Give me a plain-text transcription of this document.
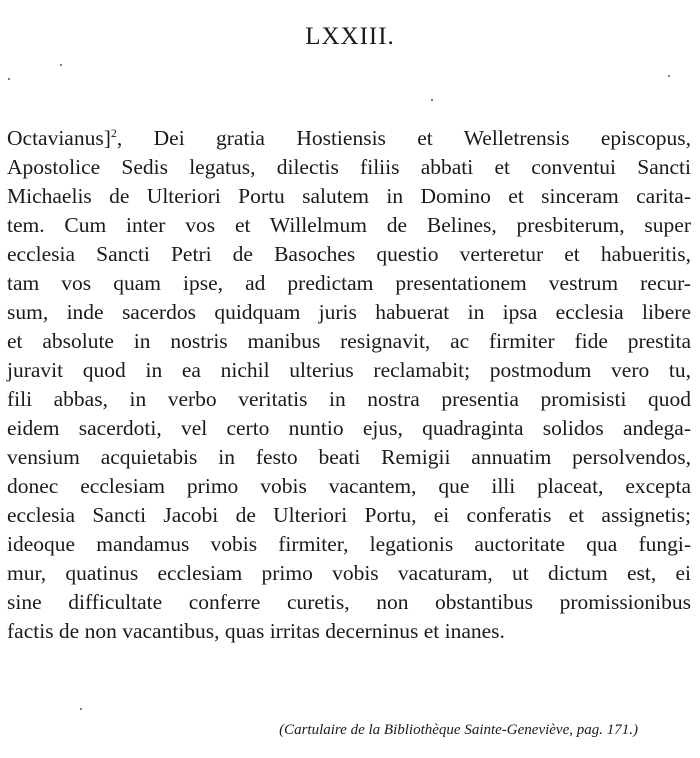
LXXIII.
Octavianus]$^2$, Dei gratia Hostiensis et Welletrensis episcopus,
Apostolice Sedis legatus, dilectis filiis abbati et conventui Sancti
Michaelis de Ulteriori Portu salutem in Domino et sinceram carita-
tem. Cum inter vos et Willelmum de Belines, presbiterum, super
ecclesia Sancti Petri de Basoches questio verteretur et habueritis,
tam vos quam ipse, ad predictam presentationem vestrum recur-
sum, inde sacerdos quidquam juris habuerat in ipsa ecclesia libere
et absolute in nostris manibus resignavit, ac firmiter fide prestita
juravit quod in ea nichil ulterius reclamabit; postmodum vero tu,
fili abbas, in verbo veritatis in nostra presentia promisisti quod
eidem sacerdoti, vel certo nuntio ejus, quadraginta solidos andega-
vensium acquietabis in festo beati Remigii annuatim persolvendos,
donec ecclesiam primo vobis vacantem, que illi placeat, excepta
ecclesia Sancti Jacobi de Ulteriori Portu, ei conferatis et assignetis;
ideoque mandamus vobis firmiter, legationis auctoritate qua fungi-
mur, quatinus ecclesiam primo vobis vacaturam, ut dictum est, ei
sine difficultate conferre curetis, non obstantibus promissionibus
factis de non vacantibus, quas irritas decerninus et inanes.
(Cartulaire de la Bibliothèque Sainte-Geneviève, pag. 171.)
